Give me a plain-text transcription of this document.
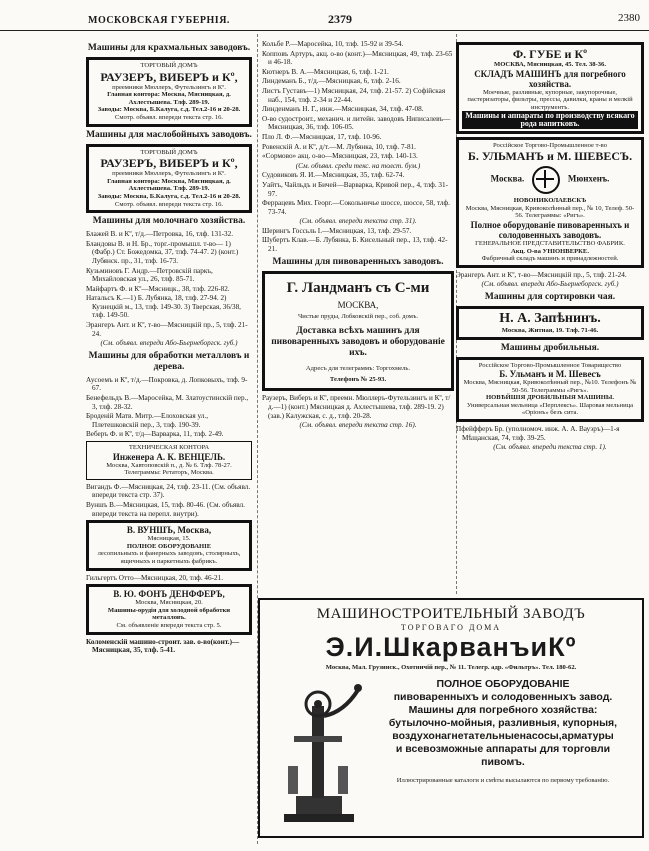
МОСКОВСКАЯ ГУБЕРНIЯ.	2379	2380
Машины для крахмальных заводовъ.
ТОРГОВЫЙ ДОМЪ
РАУЗЕРЪ, ВИБЕРЪ и Кº,
преемники Мюллеръ, Футельзингъ и Кº.
Главная контора: Москва, Мясницкая, д. Ахлестышева. Тлф. 289-19.
Заводы: Москва, Б.Калуга, с.д. Тел.2-16 и 20-28.
Смотр. объявл. впереди текста стр. 16.
Машины для маслобойныхъ заводовъ.
ТОРГОВЫЙ ДОМЪ
РАУЗЕРЪ, ВИБЕРЪ и Кº,
преемники Мюллеръ, Футельзингъ и Кº.
Главная контора: Москва, Мясницкая, д. Ахлестышева. Тлф. 289-19.
Заводы: Москва, Б.Калуга, с.д. Тел.2-16 и 20-28.
Смотр. объявл. впереди текста стр. 16.
Машины для молочнаго хозяйства.
Блажей В. и Кº, т/д.—Петровка, 16, тлф. 131-32.
Бландовы В. и Н. Бр., торг.-промышл. т-во— 1) (Фабр.) Ст. Божедомка, 37, тлф. 74-47. 2) (конт.) Лубянск. пр., 31, тлф. 16-73.
Кузьминовъ Г. Андр.—Петровскій паркъ, Михайловская ул., 26, тлф. 85-71.
Майфартъ Ф. и Кº—Мясницк., 38, тлф. 226-82.
Натальсъ К.—1) Б. Лубянка, 18, тлф. 27-94. 2) Кузнецкій м., 13, тлф. 149-30. 3) Тверская, 36/38, тлф. 149-50.
Эрангеръ Ант. и Кº, т-во—Мясницкій пр., 5, тлф. 21-24.
(См. объявл. впереди Або-Бьернеборгск. губ.)
Машины для обработки металловъ и дерева.
Аусоемъ и Кº, т/д.—Покровка, д. Лопковыхъ, тлф. 9-67.
Бенефельдъ В.—Маросейка, М. Златоустинскій пер., 3, тлф. 28-32.
Броденій Матв. Митр.—Елоховская ул., Плетешковскій пер., 3, тлф. 190-39.
Веберъ Ф. и Кº, т/д—Варварка, 11, тлф. 2-49.
ТЕХНИЧЕСКАЯ КОНТОРА
Инженера А. К. ВЕНЦЕЛЬ.
Москва, Хавтоповскій п., д. № 6. Тлф. 78-27. Телеграммы: Ретаторъ, Москва.
Вигандъ Ф.—Мясницкая, 24, тлф. 23-11. (См. объявл. впереди текста стр. 37).
Вуншъ В.—Мясницкая, 15, тлф. 80-46. (См. объявл. впереди текста на перепл. внутри).
В. ВУНШЪ, Москва,
Мясницкая, 15.
ПОЛНОЕ ОБОРУДОВАНІЕ
лесопильныхъ и фанерныхъ заводовъ, столярныхъ, ящичныхъ и паркетныхъ фабрикъ.
Гильгертъ Отто—Мясницкая, 20, тлф. 46-21.
В. Ю. ФОНЪ ДЕНФФЕРЪ,
Москва, Мясницкая, 20.
Машины-орудія для холодной обработки металловъ.
См. объявленіе впереди текста стр. 5.
Коломенскій машино-строит. зав. о-во(конт.)—Мясницкая, 35, тлф. 5-41.
Кольбе Р.—Маросейка, 10, тлф. 15-92 и 39-54.
Копповъ Артуръ, акц. о-во (конт.)—Мясницкая, 49, тлф. 23-65 и 46-18.
Кютнеръ В. А.—Мясницкая, 6, тлф. 1-21.
Линдеманъ Б., т/д.—Мясницкая, 6, тлф. 2-16.
Листъ Густавъ—1) Мясницкая, 24, тлф. 21-57. 2) Софійская наб., 154, тлф. 2-34 и 22-44.
Линденманъ Н. Г., инж.—Мясницкая, 34, тлф. 47-08.
О-во судостроит., механич. и литейн. заводовъ Ниписалевъ—Мясницкая, 36, тлф. 106-05.
Пло Л. Ф.—Мясницкая, 17, тлф. 10-96.
Ровенскій А. и Кº, д/т.—М. Лубянка, 10, тлф. 7-81.
«Сормово» акц. о-во—Мясницкая, 23, тлф. 140-13.
(См. объявл. среди текс. на толст. бум.)
Судовиковъ Я. И.—Мясницкая, 35, тлф. 62-74.
Уайтъ, Чайльдъ и Бичей—Варварка, Кривой пер., 4, тлф. 31-97.
Феррацевъ Мих. Георг.—Сокольничье шоссе, шоссе, 58, тлф. 73-74.
(См. объявл. впереди текста стр. 31).
Шерингъ Госсьль І.—Мясницкая, 13, тлф. 29-57.
Шубертъ Клав.—Б. Лубянка, Б. Кисельный пер., 13, тлф. 42-21.
Машины для пивоваренныхъ заводовъ.
Г. Ландманъ съ С-ми
МОСКВА,
Чистые пруды, Лобковскій пер., соб. домъ.
Доставка всѣхъ машинъ для пивоваренныхъ заводовъ и оборудованіе ихъ.
Адресъ для телеграммъ: Торгохмель.
Телефонъ № 25-93.
Раузеръ, Виберъ и Кº, преемн. Мюллеръ-Футельзингъ и Кº, т/д.—1) (конт.) Мясницкая д. Ахлестышева, тлф. 289-19. 2) (зав.) Калужская, с. д., тлф. 20-28.
(См. объявл. впереди текста стр. 16).
Ф. ГУБЕ и Кº
МОСКВА, Мясницкая, 45. Тел. 38-36.
СКЛАДЪ МАШИНЪ для погребного хозяйства.
Моечные, разливные, купорные, закупорочные, пастеризаторы, фильтры, прессы, давилки, краны и мелкій инструментъ.
Машины и аппараты по производству всякаго рода напитковъ.
Россійское Торгово-Промышленное т-во
Б. УЛЬМАНЪ и М. ШЕВЕСЪ.
Москва.	Мюнхенъ.
НОВОНИКОЛАЕВСКЪ
Москва, Мясницкая, Кривоколѣнный пер., № 10, Телеф. 50-56. Телеграммы: «Ригъ».
Полное оборудованіе пивоваренныхъ и солодовенныхъ заводовъ.
ГЕНЕРАЛЬНОЕ ПРЕДСТАВИТЕЛЬСТВО ФАБРИК.
Акц. О-ва УНІОНВЕРКЕ.
Фабричный складъ машинъ и принадлежностей.
Эрангеръ Ант. и Кº, т-во—Мясницкій пр., 5, тлф. 21-24.
(См. объявл. впереди Або-Бьернеборгск. губ.)
Машины для сортировки чая.
Н. А. Запѣнинъ.
Москва, Житная, 19. Тлф. 71-46.
Машины дробильныя.
Россійское Торгово-Промышленное Товарищество
Б. Ульманъ и М. Шевесъ
Москва, Мясницкая, Кривоколѣнный пер., №10. Телефонъ № 50-56. Телеграммы «Ригъ».
НОВѢЙШІЯ ДРОБИЛЬНЫЯ МАШИНЫ.
Универсальная мельница «Перплексъ». Шаровая мельница «Оріонъ» безъ сита.
Пфейфферъ Бр. (уполномоч. инж. А. А. Вауэръ)—1-я Мѣщанская, 74, тлф. 39-25.
(См. объявл. впереди текста стр. 1).
МАШИНОСТРОИТЕЛЬНЫЙ ЗАВОДЪ
ТОРГОВАГО ДОМА
Э.И.ШкарванъиКº
Москва, Мал. Грузинск., Охотничій пер., № 11. Телегр. адр. «Фильтръ». Тел. 180-62.
ПОЛНОЕ ОБОРУДОВАНІЕ
пивоваренныхъ и солодовенныхъ завод.
Машины для погребного хозяйства:
бутылочно-мойныя, разливныя, купорныя,
воздухонагнетательныенасосы,арматуры
и всевозможные аппараты для торговли
пивомъ.
Иллюстрированные каталоги и смѣты высылаются по первому требованію.
